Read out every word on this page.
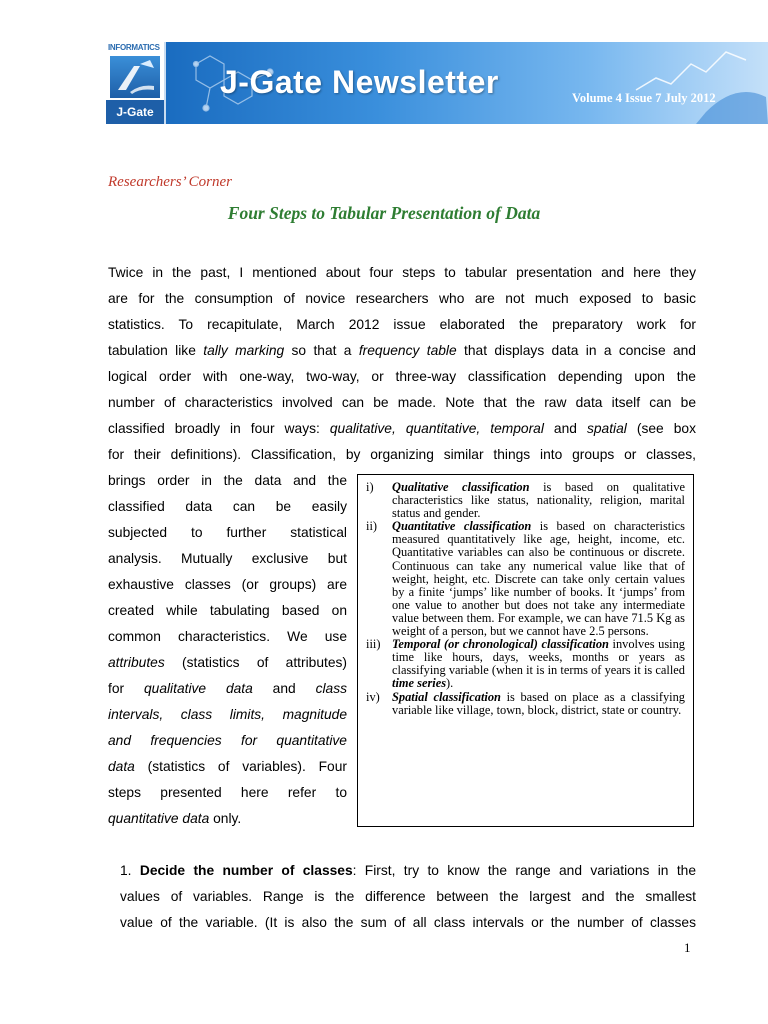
J-Gate Newsletter	Volume 4 Issue 7 July 2012
INFORMATICS
J-Gate
Researchers’ Corner
Four Steps to Tabular Presentation of Data
Twice in the past, I mentioned about four steps to tabular presentation and here they
are for the consumption of novice researchers who are not much exposed to basic
statistics. To recapitulate, March 2012 issue elaborated the preparatory work for
tabulation like tally marking so that a frequency table that displays data in a concise and
logical order with one-way, two-way, or three-way classification depending upon the
number of characteristics involved can be made. Note that the raw data itself can be
classified broadly in four ways: qualitative, quantitative, temporal and spatial (see box
for their definitions). Classification, by organizing similar things into groups or classes,
brings order in the data and the
classified data can be easily
subjected to further statistical
analysis. Mutually exclusive but
exhaustive classes (or groups) are
created while tabulating based on
common characteristics. We use
attributes (statistics of attributes)
for qualitative data and class
intervals, class limits, magnitude
and frequencies for quantitative
data (statistics of variables). Four
steps presented here refer to
quantitative data only.
i) Qualitative classification is based on qualitative characteristics like status, nationality, religion, marital status and gender.
ii) Quantitative classification is based on characteristics measured quantitatively like age, height, income, etc. Quantitative variables can also be continuous or discrete. Continuous can take any numerical value like that of weight, height, etc. Discrete can take only certain values by a finite ‘jumps’ like number of books. It ‘jumps’ from one value to another but does not take any intermediate value between them. For example, we can have 71.5 Kg as weight of a person, but we cannot have 2.5 persons.
iii) Temporal (or chronological) classification involves using time like hours, days, weeks, months or years as classifying variable (when it is in terms of years it is called time series).
iv) Spatial classification is based on place as a classifying variable like village, town, block, district, state or country.
1. Decide the number of classes: First, try to know the range and variations in the
values of variables. Range is the difference between the largest and the smallest
value of the variable. (It is also the sum of all class intervals or the number of classes
1
